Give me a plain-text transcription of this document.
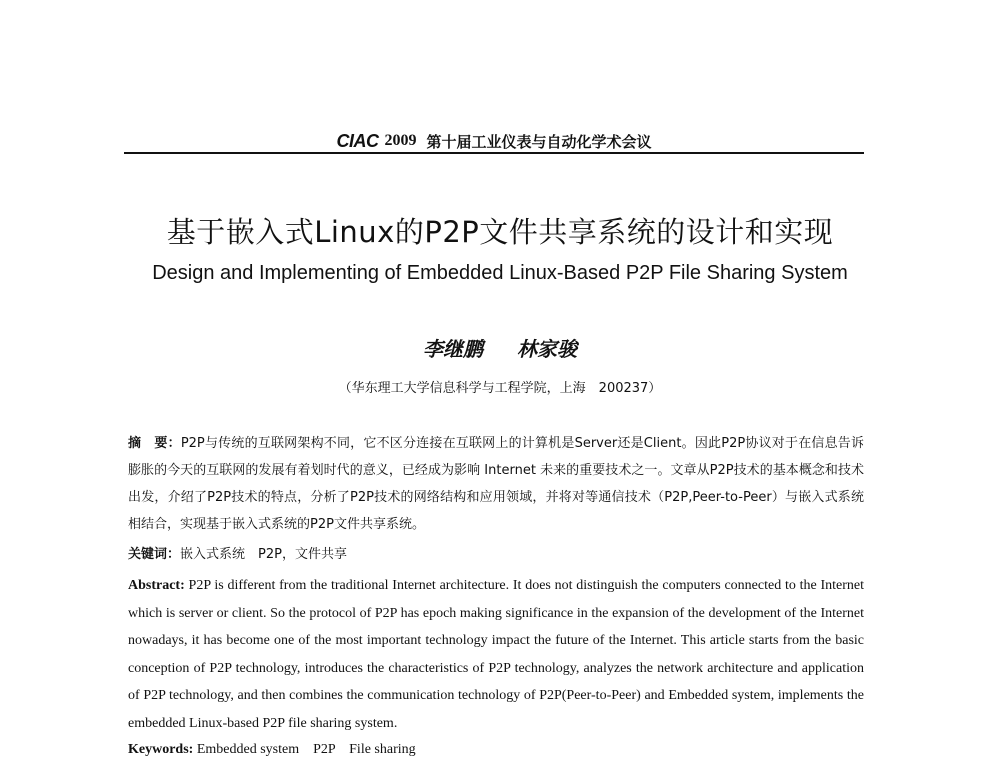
CIAC 2009 第十届工业仪表与自动化学术会议
基于嵌入式Linux的P2P文件共享系统的设计和实现
Design and Implementing of Embedded Linux-Based P2P File Sharing System
李继鹏 林家骏
（华东理工大学信息科学与工程学院，上海　200237）
摘　要：P2P与传统的互联网架构不同，它不区分连接在互联网上的计算机是Server还是Client。因此P2P协议对于在信息告诉膨胀的今天的互联网的发展有着划时代的意义，已经成为影响 Internet 未来的重要技术之一。文章从P2P技术的基本概念和技术出发，介绍了P2P技术的特点，分析了P2P技术的网络结构和应用领域，并将对等通信技术（P2P,Peer-to-Peer）与嵌入式系统相结合，实现基于嵌入式系统的P2P文件共享系统。
关键词：嵌入式系统　P2P，文件共享
Abstract: P2P is different from the traditional Internet architecture. It does not distinguish the computers connected to the Internet which is server or client. So the protocol of P2P has epoch making significance in the expansion of the development of the Internet nowadays, it has become one of the most important technology impact the future of the Internet. This article starts from the basic conception of P2P technology, introduces the characteristics of P2P technology, analyzes the network architecture and application of P2P technology, and then combines the communication technology of P2P(Peer-to-Peer) and Embedded system, implements the embedded Linux-based P2P file sharing system.
Keywords: Embedded system    P2P    File sharing
